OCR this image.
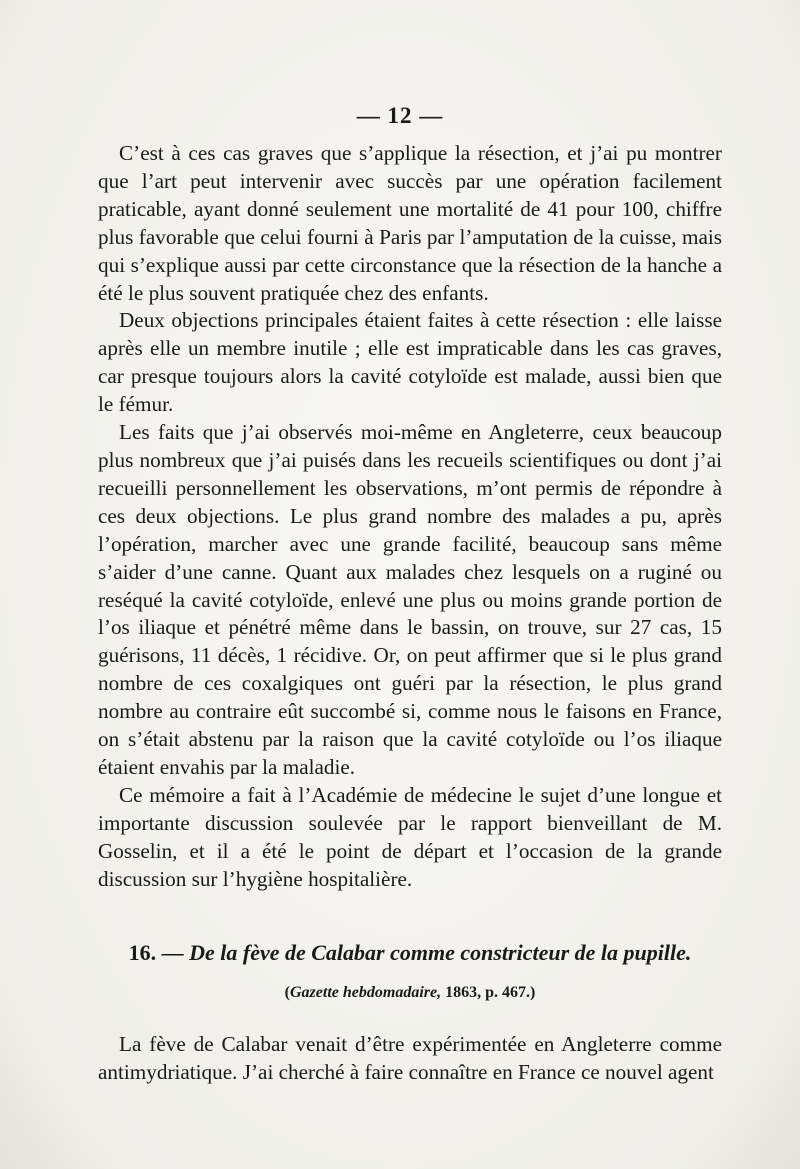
— 12 —

C’est à ces cas graves que s’applique la résection, et j’ai pu montrer que l’art peut intervenir avec succès par une opération facilement praticable, ayant donné seulement une mortalité de 41 pour 100, chiffre plus favorable que celui fourni à Paris par l’amputation de la cuisse, mais qui s’explique aussi par cette circonstance que la résection de la hanche a été le plus souvent pratiquée chez des enfants.

Deux objections principales étaient faites à cette résection : elle laisse après elle un membre inutile ; elle est impraticable dans les cas graves, car presque toujours alors la cavité cotyloïde est malade, aussi bien que le fémur.

Les faits que j’ai observés moi-même en Angleterre, ceux beaucoup plus nombreux que j’ai puisés dans les recueils scientifiques ou dont j’ai recueilli personnellement les observations, m’ont permis de répondre à ces deux objections. Le plus grand nombre des malades a pu, après l’opération, marcher avec une grande facilité, beaucoup sans même s’aider d’une canne. Quant aux malades chez lesquels on a ruginé ou reséqué la cavité cotyloïde, enlevé une plus ou moins grande portion de l’os iliaque et pénétré même dans le bassin, on trouve, sur 27 cas, 15 guérisons, 11 décès, 1 récidive. Or, on peut affirmer que si le plus grand nombre de ces coxalgiques ont guéri par la résection, le plus grand nombre au contraire eût succombé si, comme nous le faisons en France, on s’était abstenu par la raison que la cavité cotyloïde ou l’os iliaque étaient envahis par la maladie.

Ce mémoire a fait à l’Académie de médecine le sujet d’une longue et importante discussion soulevée par le rapport bienveillant de M. Gosselin, et il a été le point de départ et l’occasion de la grande discussion sur l’hygiène hospitalière.

16. — De la fève de Calabar comme constricteur de la pupille.
(Gazette hebdomadaire, 1863, p. 467.)
La fève de Calabar venait d’être expérimentée en Angleterre comme antimydriatique. J’ai cherché à faire connaître en France ce nouvel agent
